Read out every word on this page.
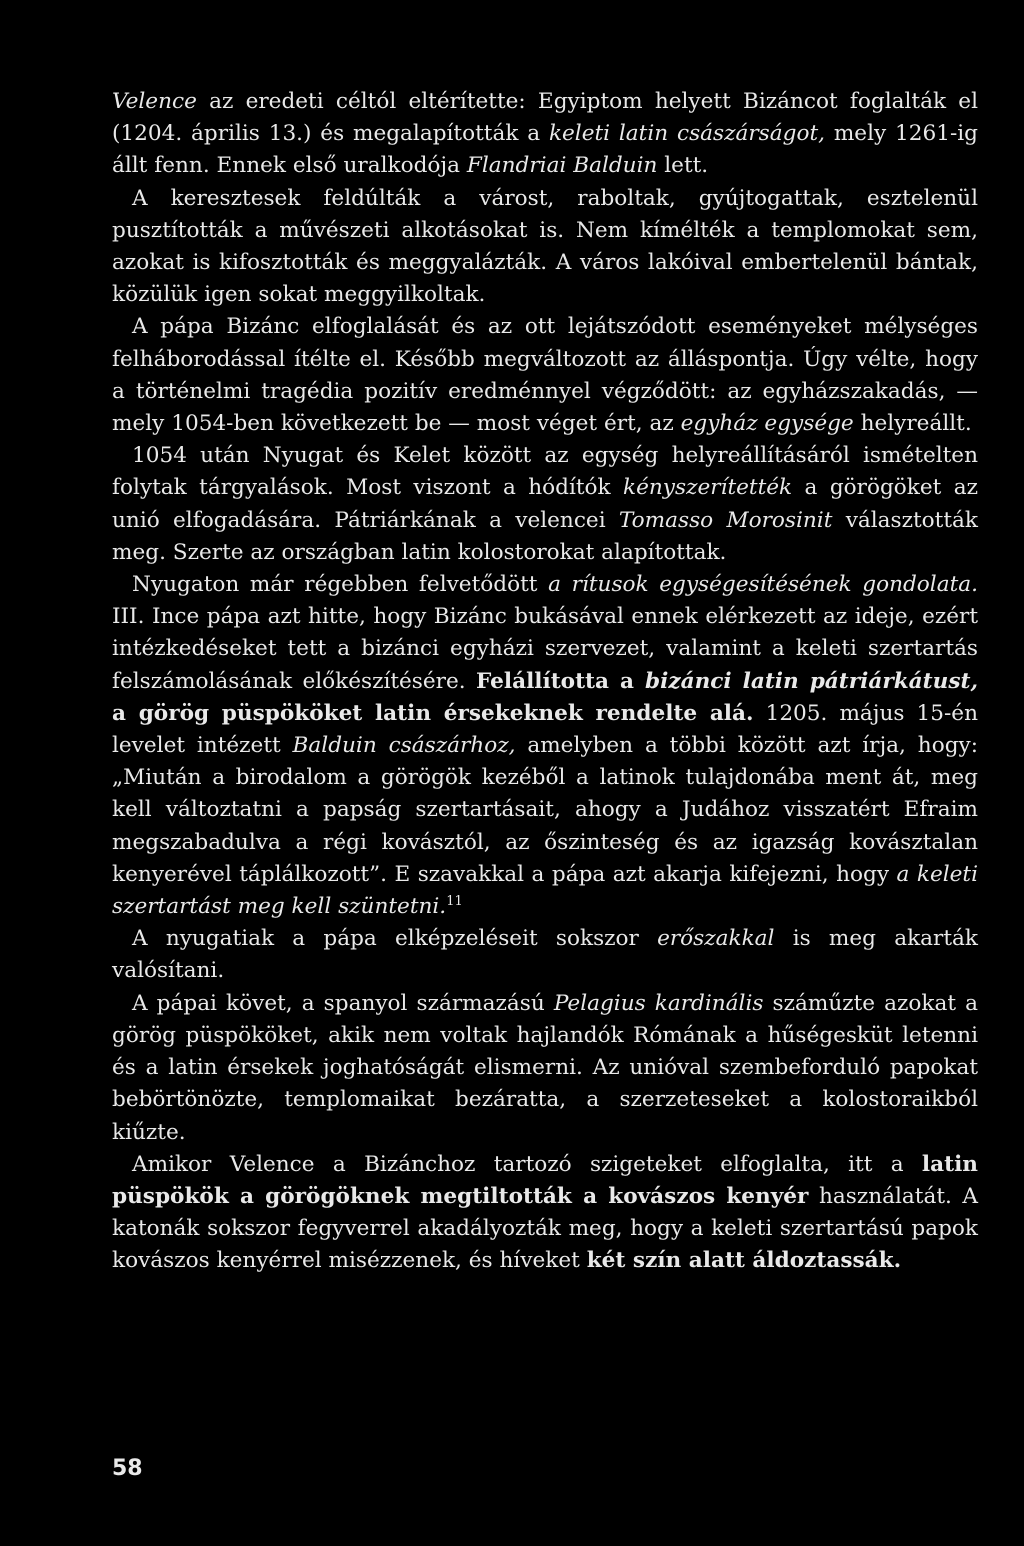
Velence az eredeti céltól eltérítette: Egyiptom helyett Bizáncot foglalták el (1204. április 13.) és megalapították a keleti latin császárságot, mely 1261-ig állt fenn. Ennek első uralkodója Flandriai Balduin lett.

A keresztesek feldúlták a várost, raboltak, gyújtogattak, esztelenül pusztították a művészeti alkotásokat is. Nem kímélték a templomokat sem, azokat is kifosztották és meggyalázták. A város lakóival embertelenül bántak, közülük igen sokat meggyilkoltak.

A pápa Bizánc elfoglalását és az ott lejátszódott eseményeket mélységes felháborodással ítélte el. Később megváltozott az álláspontja. Úgy vélte, hogy a történelmi tragédia pozitív eredménnyel végződött: az egyházszakadás, — mely 1054-ben következett be — most véget ért, az egyház egysége helyreállt.

1054 után Nyugat és Kelet között az egység helyreállításáról ismételten folytak tárgyalások. Most viszont a hódítók kényszerítették a görögöket az unió elfogadására. Pátriárkának a velencei Tomasso Morosinit választották meg. Szerte az országban latin kolostorokat alapítottak.

Nyugaton már régebben felvetődött a rítusok egységesítésének gondolata. III. Ince pápa azt hitte, hogy Bizánc bukásával ennek elérkezett az ideje, ezért intézkedéseket tett a bizánci egyházi szervezet, valamint a keleti szertartás felszámolásának előkészítésére. Felállította a bizánci latin pátriárkátust, a görög püspököket latin érsekeknek rendelte alá. 1205. május 15-én levelet intézett Balduin császárhoz, amelyben a többi között azt írja, hogy: „Miután a birodalom a görögök kezéből a latinok tulajdonába ment át, meg kell változtatni a papság szertartásait, ahogy a Judához visszatért Efraim megszabadulva a régi kovásztól, az őszinteség és az igazság kovásztalan kenyerével táplálkozott”. E szavakkal a pápa azt akarja kifejezni, hogy a keleti szertartást meg kell szüntetni.$^{11}$

A nyugatiak a pápa elképzeléseit sokszor erőszakkal is meg akarták valósítani.

A pápai követ, a spanyol származású Pelagius kardinális száműzte azokat a görög püspököket, akik nem voltak hajlandók Rómának a hűségesküt letenni és a latin érsekek joghatóságát elismerni. Az unióval szembeforduló papokat bebörtönözte, templomaikat bezáratta, a szerzeteseket a kolostoraikból kiűzte.

Amikor Velence a Bizánchoz tartozó szigeteket elfoglalta, itt a latin püspökök a görögöknek megtiltották a kovászos kenyér használatát. A katonák sokszor fegyverrel akadályozták meg, hogy a keleti szertartású papok kovászos kenyérrel misézzenek, és híveket két szín alatt áldoztassák.

58
